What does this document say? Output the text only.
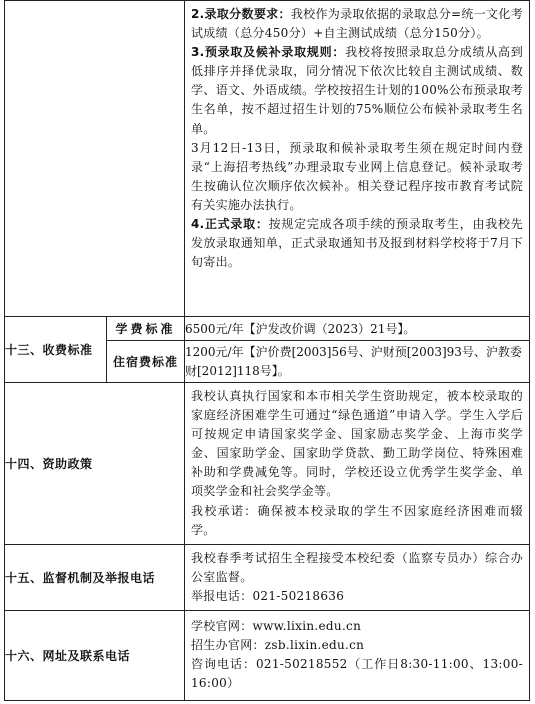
		2.录取分数要求：我校作为录取依据的录取总分=统一文化考试成绩（总分450分）+自主测试成绩（总分150分）。

3.预录取及候补录取规则：我校将按照录取总分成绩从高到低排序并择优录取，同分情况下依次比较自主测试成绩、数学、语文、外语成绩。学校按招生计划的100%公布预录取考生名单，按不超过招生计划的75%顺位公布候补录取考生名单。

3月12日-13日，预录取和候补录取考生须在规定时间内登录“上海招考热线”办理录取专业网上信息登记。候补录取考生按确认位次顺序依次候补。相关登记程序按市教育考试院有关实施办法执行。

4.正式录取：按规定完成各项手续的预录取考生，由我校先发放录取通知单，正式录取通知书及报到材料学校将于7月下旬寄出。

十三、收费标准	学费标准	6500元/年【沪发改价调（2023）21号】。
	住宿费标准	1200元/年【沪价费[2003]56号、沪财预[2003]93号、沪教委财[2012]118号】。
十四、资助政策		我校认真执行国家和本市相关学生资助规定，被本校录取的家庭经济困难学生可通过“绿色通道”申请入学。学生入学后可按规定申请国家奖学金、国家励志奖学金、上海市奖学金、国家助学金、国家助学贷款、勤工助学岗位、特殊困难补助和学费减免等。同时，学校还设立优秀学生奖学金、单项奖学金和社会奖学金等。

我校承诺：确保被本校录取的学生不因家庭经济困难而辍学。

十五、监督机制及举报电话		我校春季考试招生全程接受本校纪委（监察专员办）综合办公室监督。

举报电话：021-50218636

十六、网址及联系电话		学校官网：www.lixin.edu.cn

招生办官网：zsb.lixin.edu.cn

咨询电话：021-50218552（工作日8:30-11:00、13:00-16:00）
